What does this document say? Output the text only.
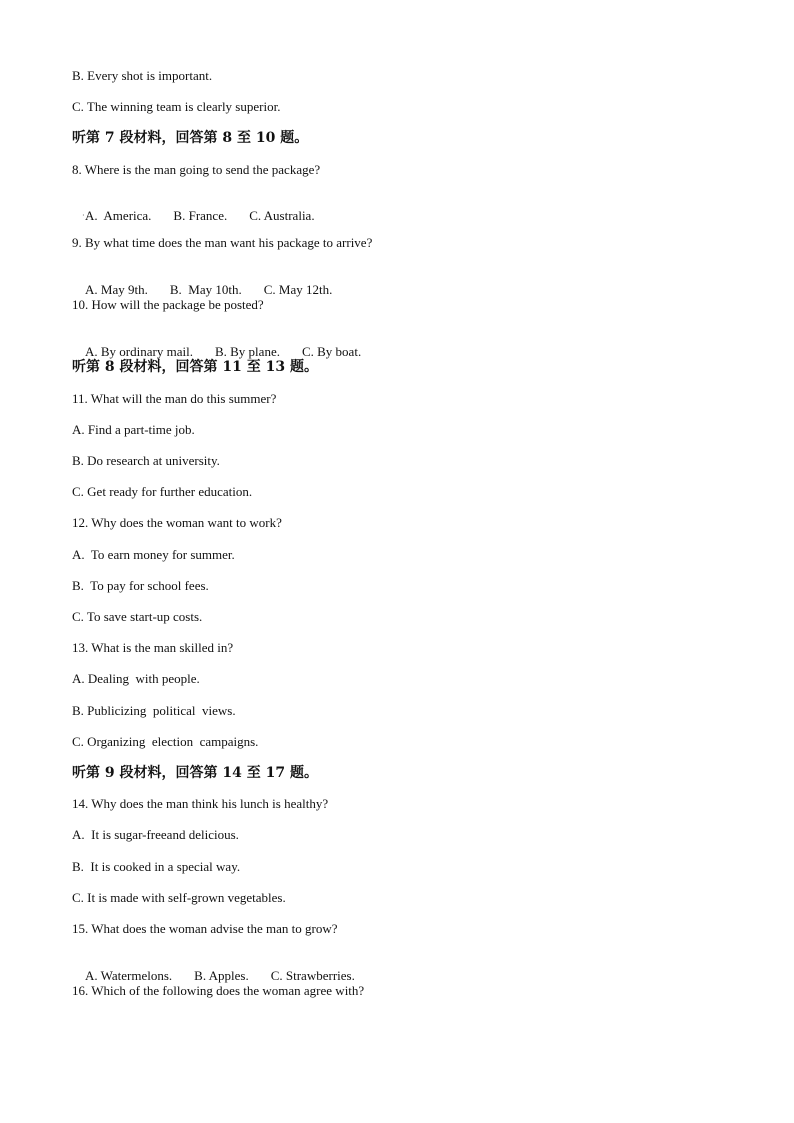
B. Every shot is important.
C. The winning team is clearly superior.
听第 7 段材料，回答第 8 至 10 题。
8. Where is the man going to send the package?

A.  America. B. France. C. Australia.

·
9. By what time does the man want his package to arrive?

A. May 9th. B.  May 10th. C. May 12th.

10. How will the package be posted?

A. By ordinary mail. B. By plane. C. By boat.

听第 8 段材料，回答第 11 至 13 题。
11. What will the man do this summer?
A. Find a part-time job.
B. Do research at university.
C. Get ready for further education.
12. Why does the woman want to work?
A.  To earn money for summer.
B.  To pay for school fees.
C. To save start-up costs.
13. What is the man skilled in?
A. Dealing  with people.
B. Publicizing  political  views.
C. Organizing  election  campaigns.
听第 9 段材料，回答第 14 至 17 题。
14. Why does the man think his lunch is healthy?
A.  It is sugar-freeand delicious.
B.  It is cooked in a special way.
C. It is made with self-grown vegetables.
15. What does the woman advise the man to grow?

A. Watermelons. B. Apples. C. Strawberries.

16. Which of the following does the woman agree with?
